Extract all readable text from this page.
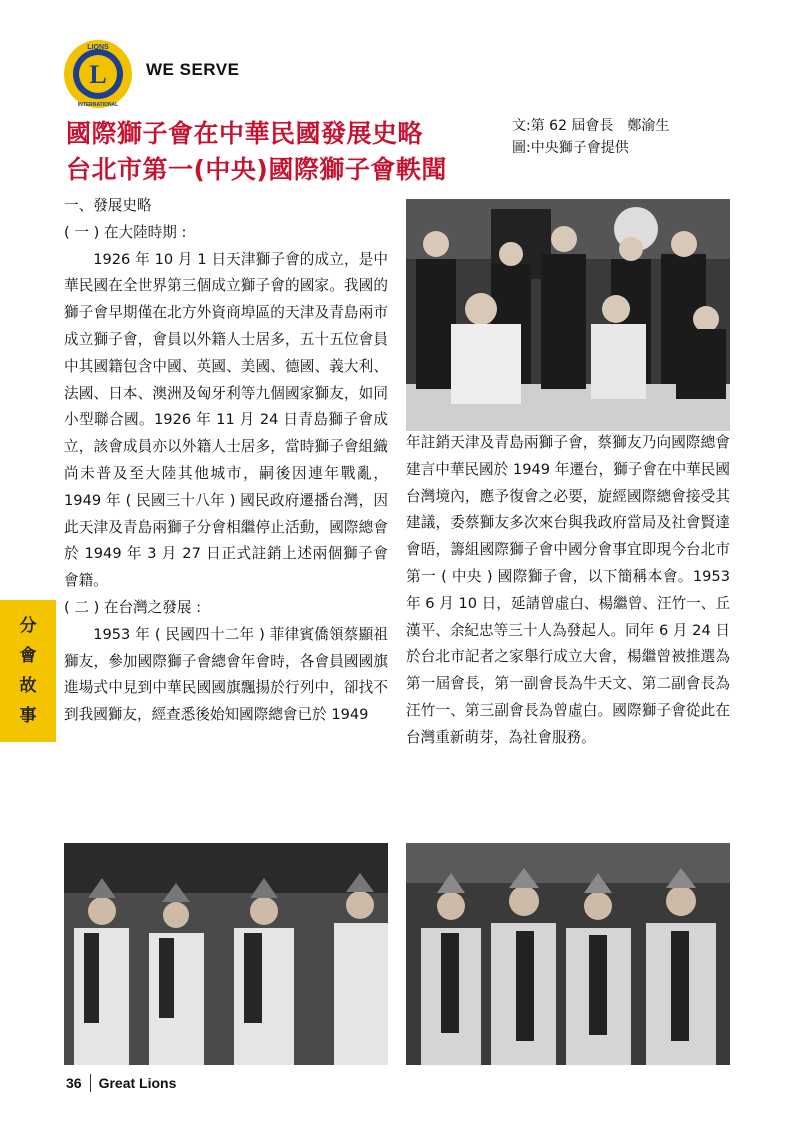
L
LIONS
INTERNATIONAL
WE SERVE
國際獅子會在中華民國發展史略
台北市第一(中央)國際獅子會軼聞
文:第 62 屆會長　鄭渝生
圖:中央獅子會提供

一、發展史略

( 一 ) 在大陸時期 :

1926 年 10 月 1 日天津獅子會的成立，是中華民國在全世界第三個成立獅子會的國家。我國的獅子會早期僅在北方外資商埠區的天津及青島兩市成立獅子會，會員以外籍人士居多，五十五位會員中其國籍包含中國、英國、美國、德國、義大利、法國、日本、澳洲及匈牙利等九個國家獅友，如同小型聯合國。1926 年 11 月 24 日青島獅子會成立，該會成員亦以外籍人士居多，當時獅子會組織尚未普及至大陸其他城市，嗣後因連年戰亂，1949 年 ( 民國三十八年 ) 國民政府遷播台灣，因此天津及青島兩獅子分會相繼停止活動，國際總會於 1949 年 3 月 27 日正式註銷上述兩個獅子會會籍。

( 二 ) 在台灣之發展 :

1953 年 ( 民國四十二年 ) 菲律賓僑領蔡顯祖獅友，參加國際獅子會總會年會時，各會員國國旗進場式中見到中華民國國旗飄揚於行列中，卻找不到我國獅友，經查悉後始知國際總會已於 1949

年註銷天津及青島兩獅子會，蔡獅友乃向國際總會建言中華民國於 1949 年遷台，獅子會在中華民國台灣境內，應予復會之必要，旋經國際總會接受其建議，委蔡獅友多次來台與我政府當局及社會賢達會晤，籌組國際獅子會中國分會事宜即現今台北市第一 ( 中央 ) 國際獅子會，以下簡稱本會。1953 年 6 月 10 日，延請曾虛白、楊繼曾、汪竹一、丘漢平、余紀忠等三十人為發起人。同年 6 月 24 日於台北市記者之家舉行成立大會，楊繼曾被推選為第一屆會長，第一副會長為牛天文、第二副會長為汪竹一、第三副會長為曾虛白。國際獅子會從此在台灣重新萌芽，為社會服務。

分
會
故
事
36 Great Lions
